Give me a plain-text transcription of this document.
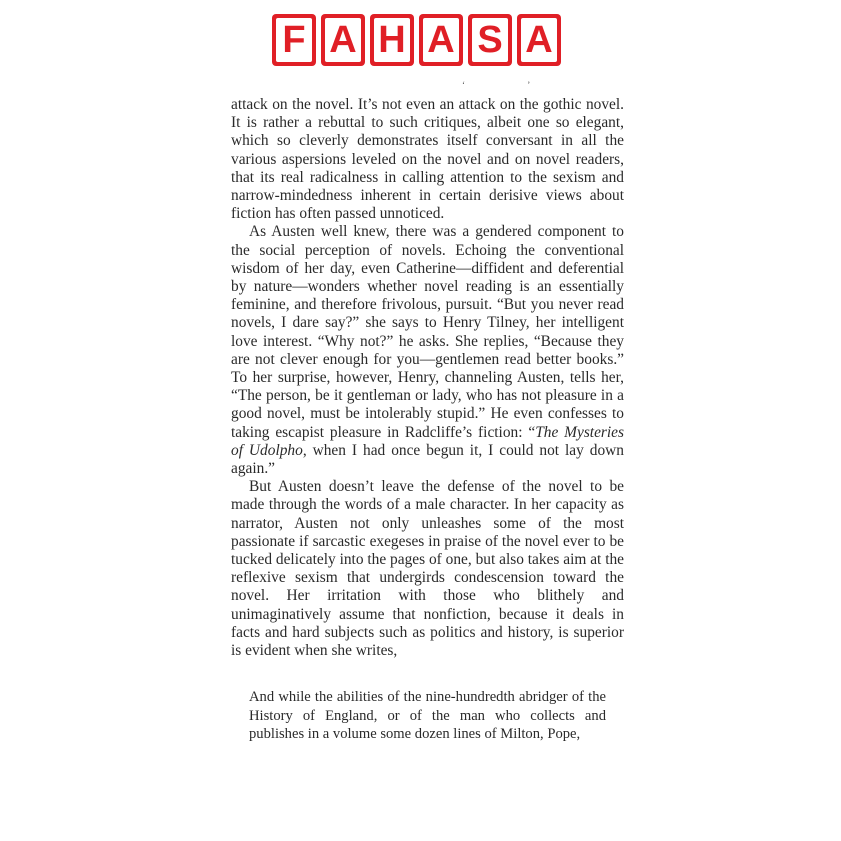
F A H A S A
‘ ’

attack on the novel. It’s not even an attack on the gothic novel. It is rather a rebuttal to such critiques, albeit one so elegant, which so cleverly demonstrates itself conversant in all the various aspersions leveled on the novel and on novel readers, that its real radicalness in calling attention to the sexism and narrow-mindedness inherent in certain derisive views about fiction has often passed unnoticed.

As Austen well knew, there was a gendered component to the social perception of novels. Echoing the conventional wisdom of her day, even Catherine—diffident and deferential by nature—wonders whether novel reading is an essentially feminine, and therefore frivolous, pursuit. “But you never read novels, I dare say?” she says to Henry Tilney, her intelligent love interest. “Why not?” he asks. She replies, “Because they are not clever enough for you—gentlemen read better books.” To her surprise, however, Henry, channeling Austen, tells her, “The person, be it gentleman or lady, who has not pleasure in a good novel, must be intolerably stupid.” He even confesses to taking escapist pleasure in Radcliffe’s fiction: “The Mysteries of Udolpho, when I had once begun it, I could not lay down again.”

But Austen doesn’t leave the defense of the novel to be made through the words of a male character. In her capacity as narrator, Austen not only unleashes some of the most passionate if sarcastic exegeses in praise of the novel ever to be tucked delicately into the pages of one, but also takes aim at the reflexive sexism that undergirds condescension toward the novel. Her irritation with those who blithely and unimaginatively assume that nonfiction, because it deals in facts and hard subjects such as politics and history, is superior is evident when she writes,

And while the abilities of the nine-hundredth abridger of the History of England, or of the man who collects and publishes in a volume some dozen lines of Milton, Pope,
